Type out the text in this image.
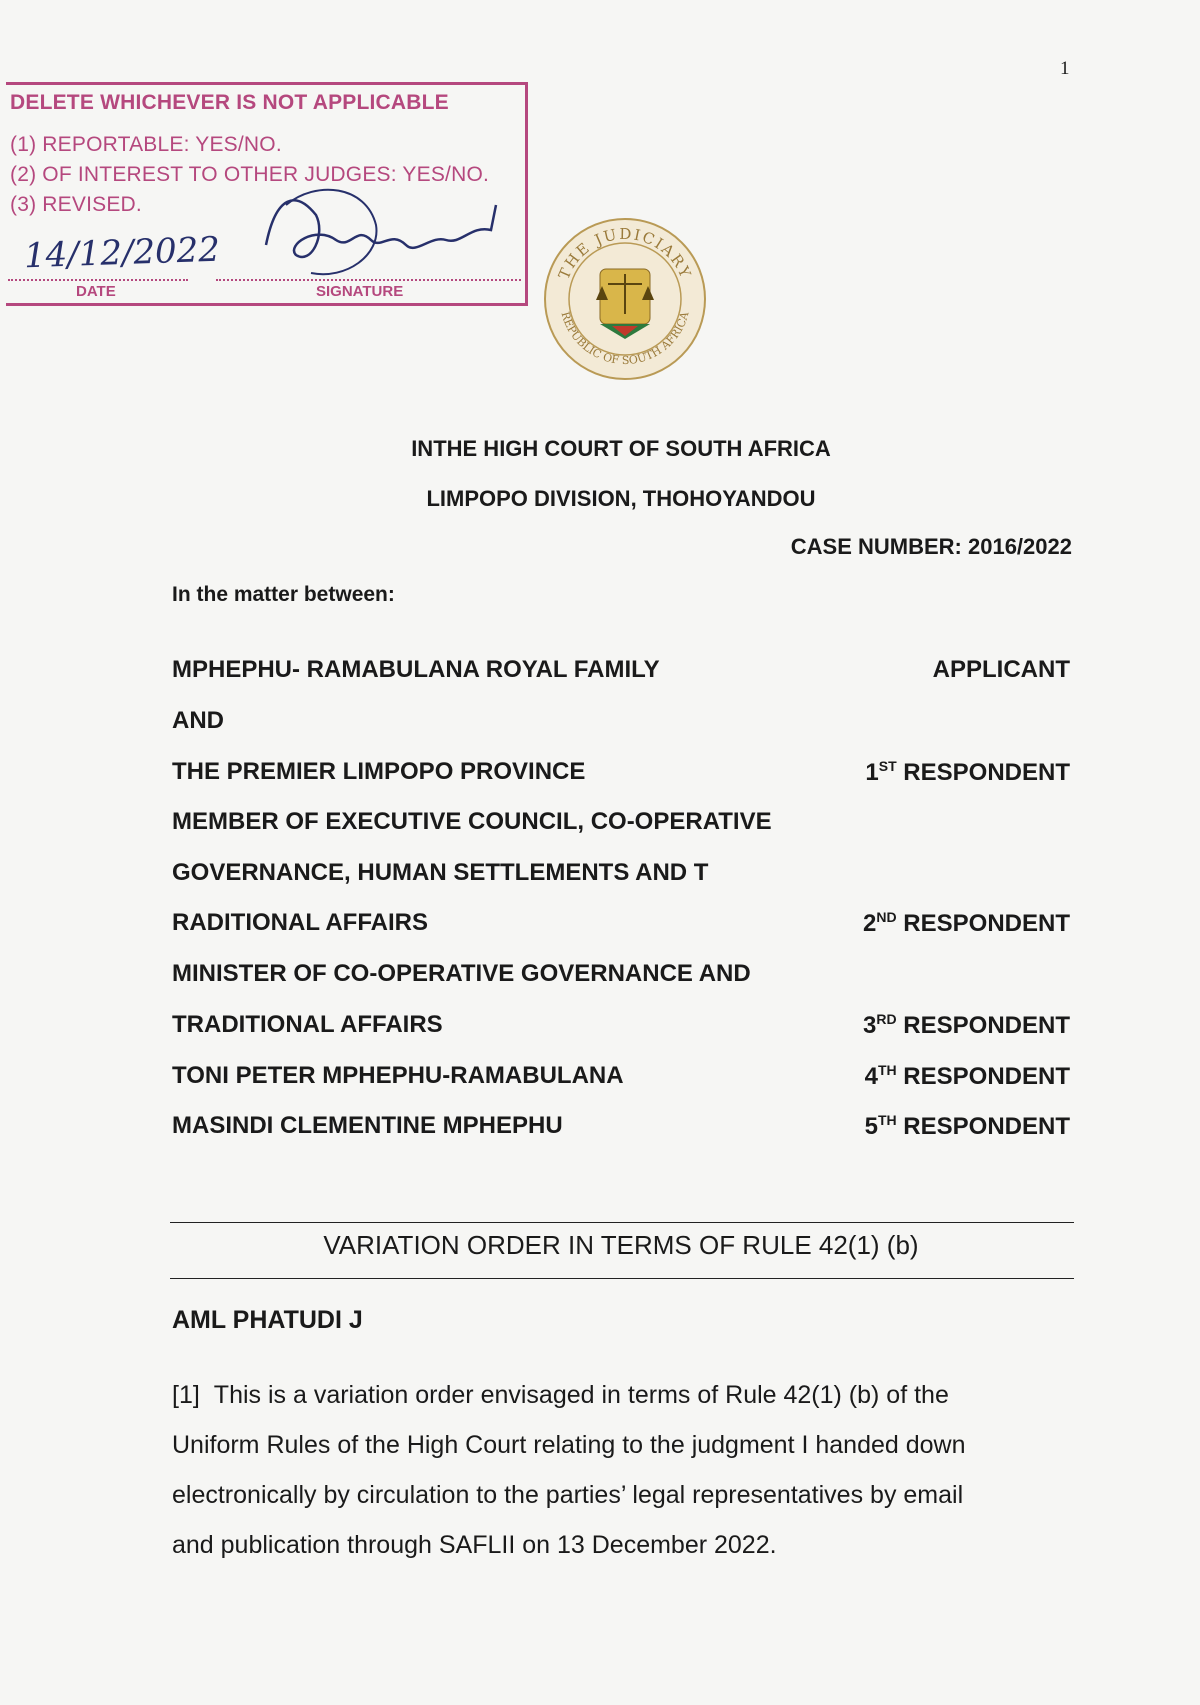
1
DELETE WHICHEVER IS NOT APPLICABLE
(1) REPORTABLE: YES/NO.
(2) OF INTEREST TO OTHER JUDGES: YES/NO.
(3) REVISED.
14/12/2022
DATE	SIGNATURE
THE JUDICIARY
REPUBLIC OF SOUTH AFRICA
INTHE HIGH COURT OF SOUTH AFRICA
LIMPOPO DIVISION, THOHOYANDOU
CASE NUMBER: 2016/2022
In the matter between:
MPHEPHU- RAMABULANA ROYAL FAMILY	APPLICANT
AND
THE PREMIER LIMPOPO PROVINCE	1ST RESPONDENT
MEMBER OF EXECUTIVE COUNCIL, CO-OPERATIVE
GOVERNANCE, HUMAN SETTLEMENTS AND T
RADITIONAL AFFAIRS	2ND RESPONDENT
MINISTER OF CO-OPERATIVE GOVERNANCE AND
TRADITIONAL AFFAIRS	3RD RESPONDENT
TONI PETER MPHEPHU-RAMABULANA	4TH RESPONDENT
MASINDI CLEMENTINE MPHEPHU	5TH RESPONDENT
VARIATION ORDER IN TERMS OF RULE 42(1) (b)
AML PHATUDI J
[1] This is a variation order envisaged in terms of Rule 42(1) (b) of the
Uniform Rules of the High Court relating to the judgment I handed down
electronically by circulation to the parties’ legal representatives by email
and publication through SAFLII on 13 December 2022.
